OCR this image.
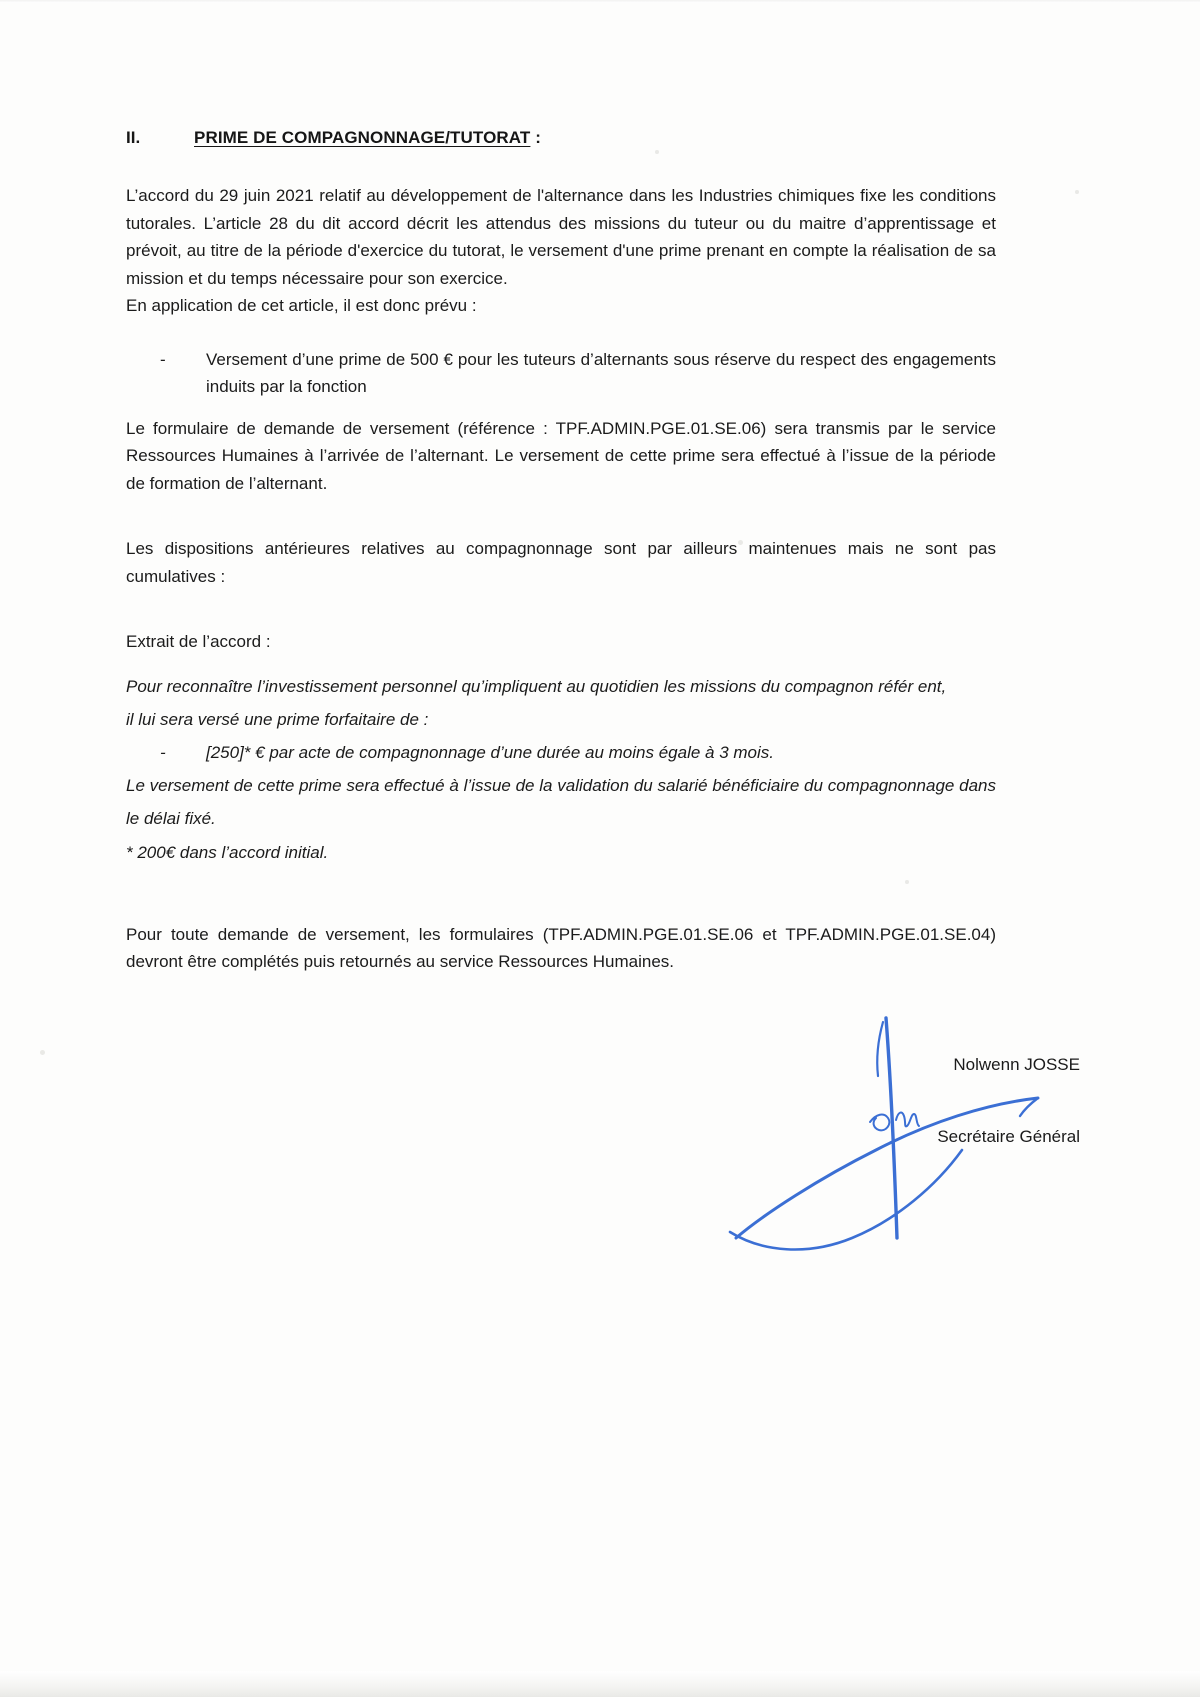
II.	PRIME DE COMPAGNONNAGE/TUTORAT :

L’accord du 29 juin 2021 relatif au développement de l'alternance dans les Industries chimiques fixe les conditions tutorales. L’article 28 du dit accord décrit les attendus des missions du tuteur ou du maitre d’apprentissage et prévoit, au titre de la période d'exercice du tutorat, le versement d'une prime prenant en compte la réalisation de sa mission et du temps nécessaire pour son exercice.

En application de cet article, il est donc prévu :

- Versement d’une prime de 500 € pour les tuteurs d’alternants sous réserve du respect des engagements induits par la fonction

Le formulaire de demande de versement (référence : TPF.ADMIN.PGE.01.SE.06) sera transmis par le service Ressources Humaines à l’arrivée de l’alternant. Le versement de cette prime sera effectué à l’issue de la période de formation de l’alternant.

Les dispositions antérieures relatives au compagnonnage sont par ailleurs maintenues mais ne sont pas cumulatives :

Extrait de l’accord :

Pour reconnaître l’investissement personnel qu’impliquent au quotidien les missions du compagnon référ ent,

il lui sera versé une prime forfaitaire de :

- [250]* € par acte de compagnonnage d’une durée au moins égale à 3 mois.

Le versement de cette prime sera effectué à l’issue de la validation du salarié bénéficiaire du compagnonnage dans le délai fixé.

* 200€ dans l’accord initial.

Pour toute demande de versement, les formulaires (TPF.ADMIN.PGE.01.SE.06 et TPF.ADMIN.PGE.01.SE.04) devront être complétés puis retournés au service Ressources Humaines.

Nolwenn JOSSE
Secrétaire Général
